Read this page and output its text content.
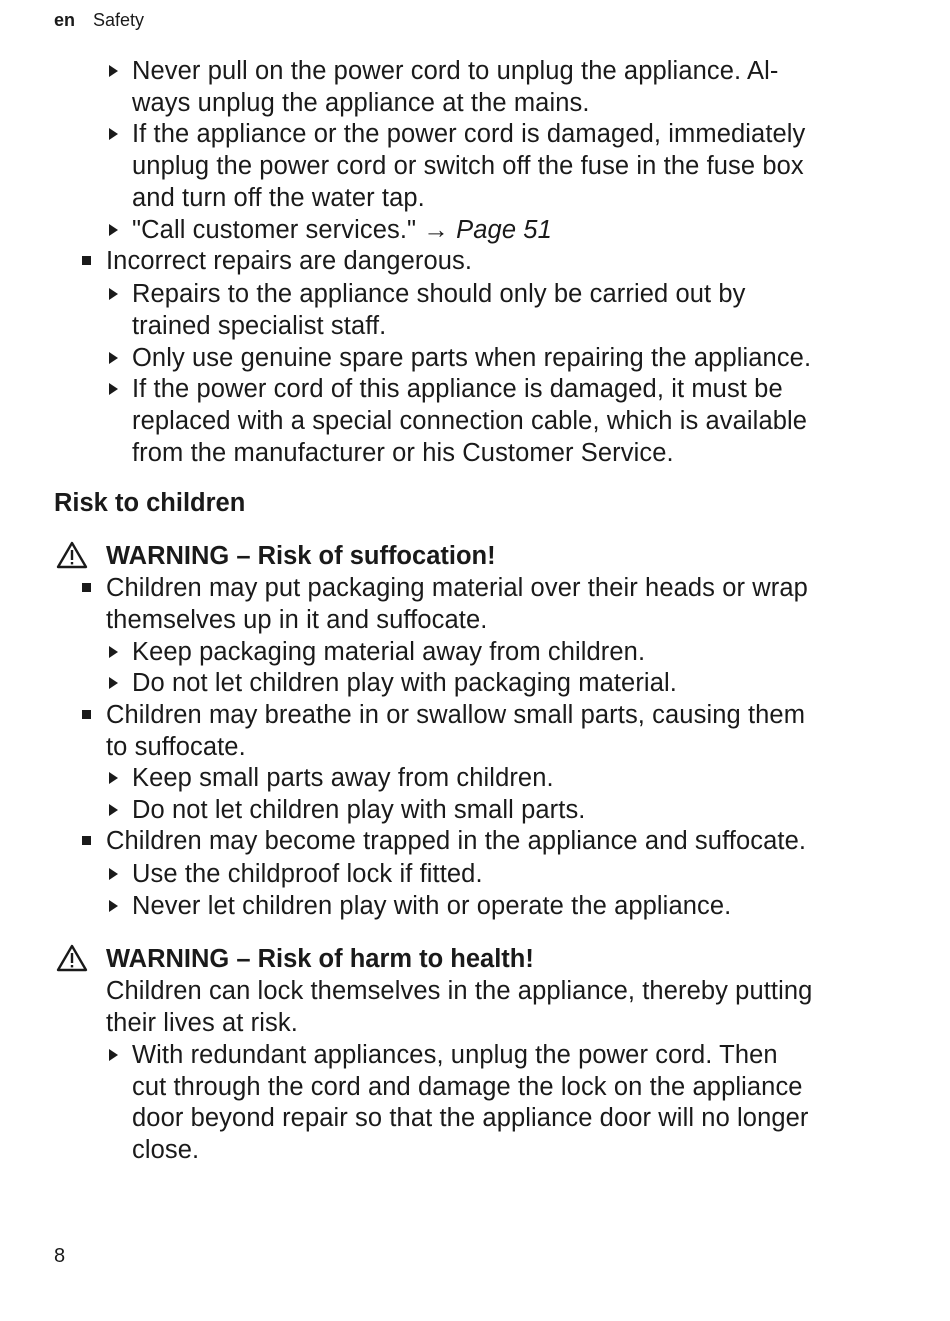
en Safety
Never pull on the power cord to unplug the appliance. Al-
ways unplug the appliance at the mains.
If the appliance or the power cord is damaged, immediately
unplug the power cord or switch off the fuse in the fuse box
and turn off the water tap.
"Call customer services." → Page 51
Incorrect repairs are dangerous.
Repairs to the appliance should only be carried out by
trained specialist staff.
Only use genuine spare parts when repairing the appliance.
If the power cord of this appliance is damaged, it must be
replaced with a special connection cable, which is available
from the manufacturer or his Customer Service.
Risk to children
WARNING – Risk of suffocation!
Children may put packaging material over their heads or wrap
themselves up in it and suffocate.
Keep packaging material away from children.
Do not let children play with packaging material.
Children may breathe in or swallow small parts, causing them
to suffocate.
Keep small parts away from children.
Do not let children play with small parts.
Children may become trapped in the appliance and suffocate.
Use the childproof lock if fitted.
Never let children play with or operate the appliance.
WARNING – Risk of harm to health!
Children can lock themselves in the appliance, thereby putting
their lives at risk.
With redundant appliances, unplug the power cord. Then
cut through the cord and damage the lock on the appliance
door beyond repair so that the appliance door will no longer
close.
8
